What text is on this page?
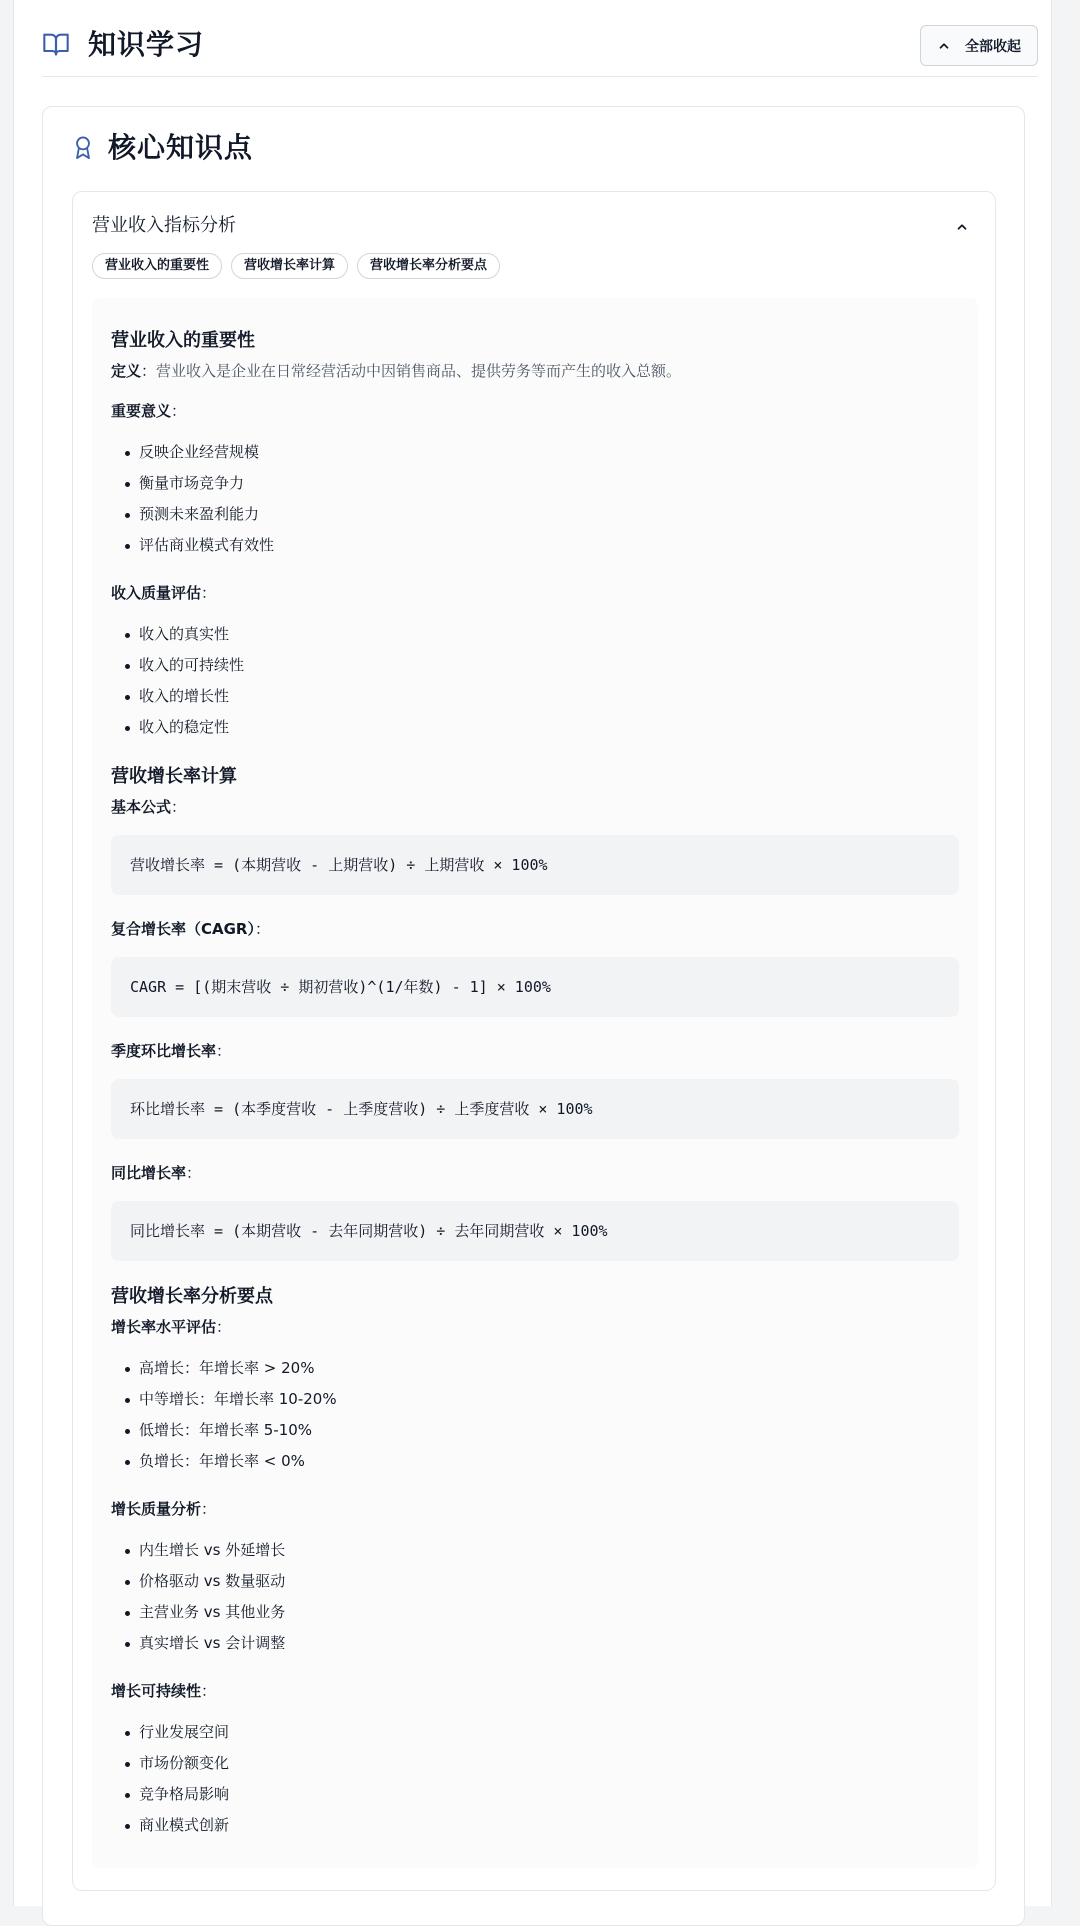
知识学习	全部收起
核心知识点
营业收入指标分析
营业收入的重要性	营收增长率计算	营收增长率分析要点
营业收入的重要性
定义：营业收入是企业在日常经营活动中因销售商品、提供劳务等而产生的收入总额。
重要意义：
反映企业经营规模
衡量市场竞争力
预测未来盈利能力
评估商业模式有效性
收入质量评估：
收入的真实性
收入的可持续性
收入的增长性
收入的稳定性
营收增长率计算
基本公式：
营收增长率 = (本期营收 - 上期营收) ÷ 上期营收 × 100%
复合增长率（CAGR）：
CAGR = [(期末营收 ÷ 期初营收)^(1/年数) - 1] × 100%
季度环比增长率：
环比增长率 = (本季度营收 - 上季度营收) ÷ 上季度营收 × 100%
同比增长率：
同比增长率 = (本期营收 - 去年同期营收) ÷ 去年同期营收 × 100%
营收增长率分析要点
增长率水平评估：
高增长：年增长率 > 20%
中等增长：年增长率 10-20%
低增长：年增长率 5-10%
负增长：年增长率 < 0%
增长质量分析：
内生增长 vs 外延增长
价格驱动 vs 数量驱动
主营业务 vs 其他业务
真实增长 vs 会计调整
增长可持续性：
行业发展空间
市场份额变化
竞争格局影响
商业模式创新
